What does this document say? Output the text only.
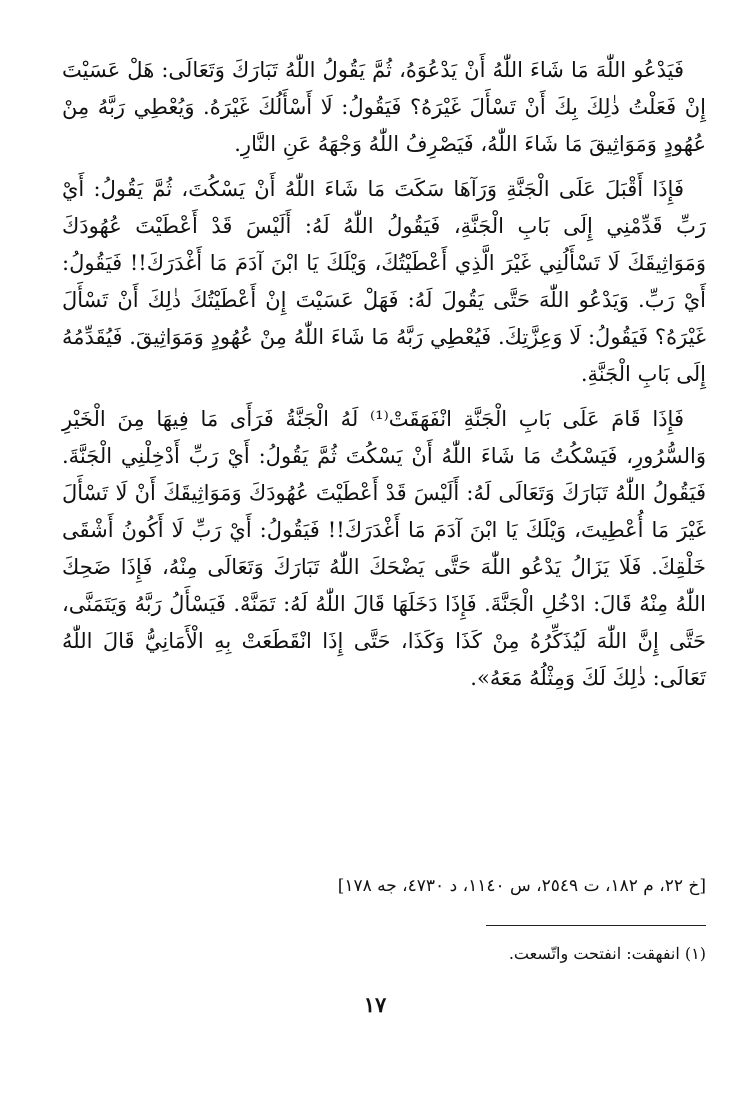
فَيَدْعُو اللّٰهَ مَا شَاءَ اللّٰهُ أَنْ يَدْعُوَهُ، ثُمَّ يَقُولُ اللّٰهُ تَبَارَكَ وَتَعَالَى: هَلْ عَسَيْتَ إِنْ فَعَلْتُ ذٰلِكَ بِكَ أَنْ تَسْأَلَ غَيْرَهُ؟ فَيَقُولُ: لَا أَسْأَلُكَ غَيْرَهُ. وَيُعْطِي رَبَّهُ مِنْ عُهُودٍ وَمَوَاثِيقَ مَا شَاءَ اللّٰهُ، فَيَصْرِفُ اللّٰهُ وَجْهَهُ عَنِ النَّارِ.

فَإِذَا أَقْبَلَ عَلَى الْجَنَّةِ وَرَآهَا سَكَتَ مَا شَاءَ اللّٰهُ أَنْ يَسْكُتَ، ثُمَّ يَقُولُ: أَيْ رَبِّ قَدِّمْنِي إِلَى بَابِ الْجَنَّةِ، فَيَقُولُ اللّٰهُ لَهُ: أَلَيْسَ قَدْ أَعْطَيْتَ عُهُودَكَ وَمَوَاثِيقَكَ لَا تَسْأَلُنِي غَيْرَ الَّذِي أَعْطَيْتُكَ، وَيْلَكَ يَا ابْنَ آدَمَ مَا أَغْدَرَكَ!! فَيَقُولُ: أَيْ رَبِّ. وَيَدْعُو اللّٰهَ حَتَّى يَقُولَ لَهُ: فَهَلْ عَسَيْتَ إِنْ أَعْطَيْتُكَ ذٰلِكَ أَنْ تَسْأَلَ غَيْرَهُ؟ فَيَقُولُ: لَا وَعِزَّتِكَ. فَيُعْطِي رَبَّهُ مَا شَاءَ اللّٰهُ مِنْ عُهُودٍ وَمَوَاثِيقَ. فَيُقَدِّمُهُ إِلَى بَابِ الْجَنَّةِ.

فَإِذَا قَامَ عَلَى بَابِ الْجَنَّةِ انْفَهَقَتْ⁽¹⁾ لَهُ الْجَنَّةُ فَرَأَى مَا فِيهَا مِنَ الْخَيْرِ وَالسُّرُورِ، فَيَسْكُتُ مَا شَاءَ اللّٰهُ أَنْ يَسْكُتَ ثُمَّ يَقُولُ: أَيْ رَبِّ أَدْخِلْنِي الْجَنَّةَ. فَيَقُولُ اللّٰهُ تَبَارَكَ وَتَعَالَى لَهُ: أَلَيْسَ قَدْ أَعْطَيْتَ عُهُودَكَ وَمَوَاثِيقَكَ أَنْ لَا تَسْأَلَ غَيْرَ مَا أُعْطِيتَ، وَيْلَكَ يَا ابْنَ آدَمَ مَا أَغْدَرَكَ!! فَيَقُولُ: أَيْ رَبِّ لَا أَكُونُ أَشْقَى خَلْقِكَ. فَلَا يَزَالُ يَدْعُو اللّٰهَ حَتَّى يَضْحَكَ اللّٰهُ تَبَارَكَ وَتَعَالَى مِنْهُ، فَإِذَا ضَحِكَ اللّٰهُ مِنْهُ قَالَ: ادْخُلِ الْجَنَّةَ. فَإِذَا دَخَلَهَا قَالَ اللّٰهُ لَهُ: تَمَنَّهْ. فَيَسْأَلُ رَبَّهُ وَيَتَمَنَّى، حَتَّى إِنَّ اللّٰهَ لَيُذَكِّرُهُ مِنْ كَذَا وَكَذَا، حَتَّى إِذَا انْقَطَعَتْ بِهِ الْأَمَانِيُّ قَالَ اللّٰهُ تَعَالَى: ذٰلِكَ لَكَ وَمِثْلُهُ مَعَهُ».

[خ ٢٢، م ١٨٢، ت ٢٥٤٩، س ١١٤٠، د ٤٧٣٠، جه ١٧٨]
(١) انفهقت: انفتحت واتّسعت.
١٧
